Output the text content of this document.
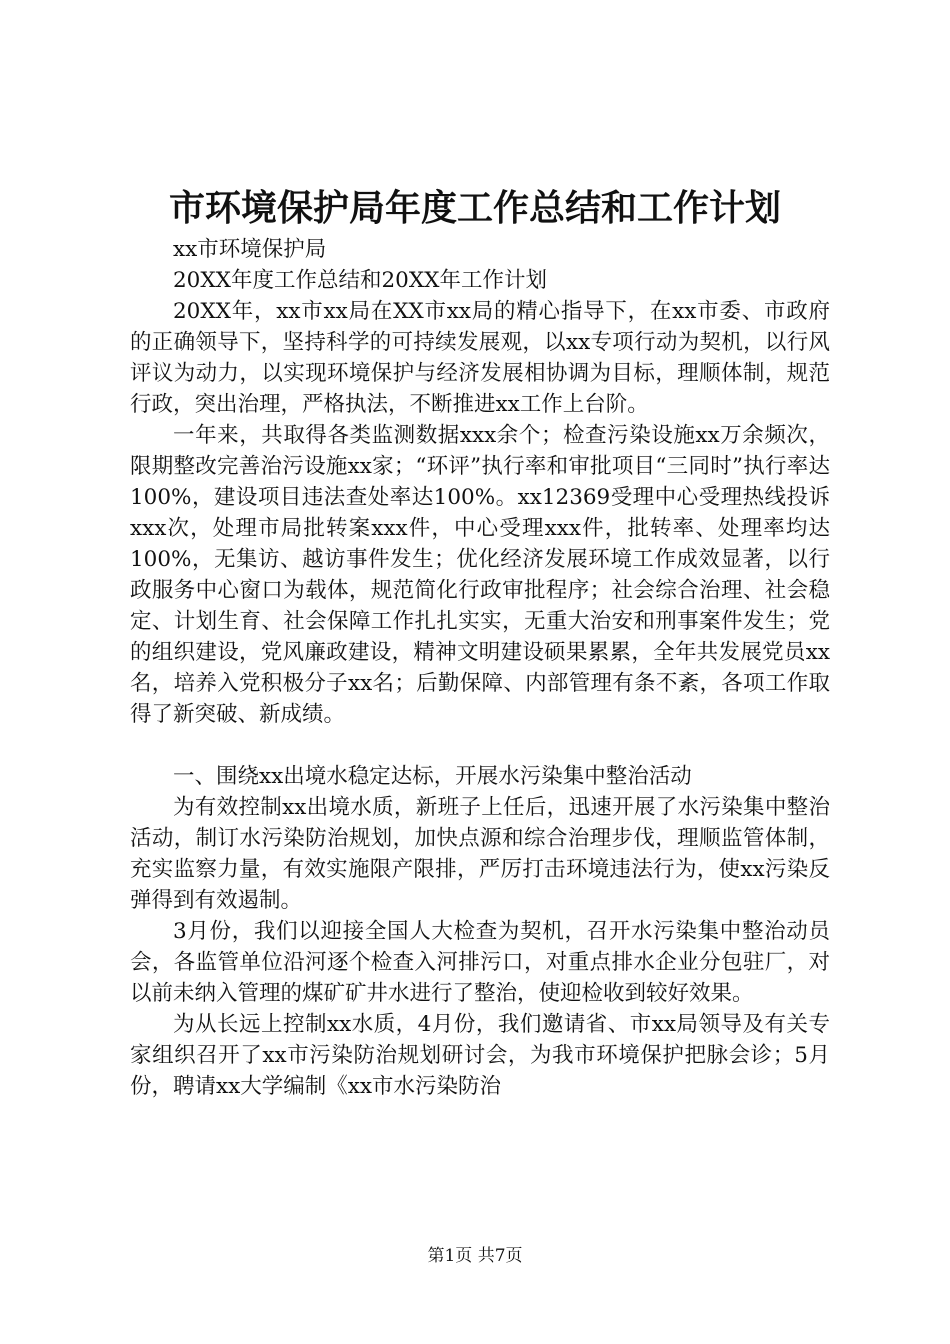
市环境保护局年度工作总结和工作计划

xx市环境保护局

20XX年度工作总结和20XX年工作计划

20XX年，xx市xx局在XX市xx局的精心指导下，在xx市委、市政府的正确领导下，坚持科学的可持续发展观，以xx专项行动为契机，以行风评议为动力，以实现环境保护与经济发展相协调为目标，理顺体制，规范行政，突出治理，严格执法，不断推进xx工作上台阶。

一年来，共取得各类监测数据xxx余个；检查污染设施xx万余频次，限期整改完善治污设施xx家；“环评”执行率和审批项目“三同时”执行率达100%，建设项目违法查处率达100%。xx12369受理中心受理热线投诉xxx次，处理市局批转案xxx件，中心受理xxx件，批转率、处理率均达100%，无集访、越访事件发生；优化经济发展环境工作成效显著，以行政服务中心窗口为载体，规范简化行政审批程序；社会综合治理、社会稳定、计划生育、社会保障工作扎扎实实，无重大治安和刑事案件发生；党的组织建设，党风廉政建设，精神文明建设硕果累累，全年共发展党员xx名，培养入党积极分子xx名；后勤保障、内部管理有条不紊，各项工作取得了新突破、新成绩。

一、围绕xx出境水稳定达标，开展水污染集中整治活动

为有效控制xx出境水质，新班子上任后，迅速开展了水污染集中整治活动，制订水污染防治规划，加快点源和综合治理步伐，理顺监管体制，充实监察力量，有效实施限产限排，严厉打击环境违法行为，使xx污染反弹得到有效遏制。

3月份，我们以迎接全国人大检查为契机，召开水污染集中整治动员会，各监管单位沿河逐个检查入河排污口，对重点排水企业分包驻厂，对以前未纳入管理的煤矿矿井水进行了整治，使迎检收到较好效果。

为从长远上控制xx水质，4月份，我们邀请省、市xx局领导及有关专家组织召开了xx市污染防治规划研讨会，为我市环境保护把脉会诊；5月份，聘请xx大学编制《xx市水污染防治

第1页 共7页
